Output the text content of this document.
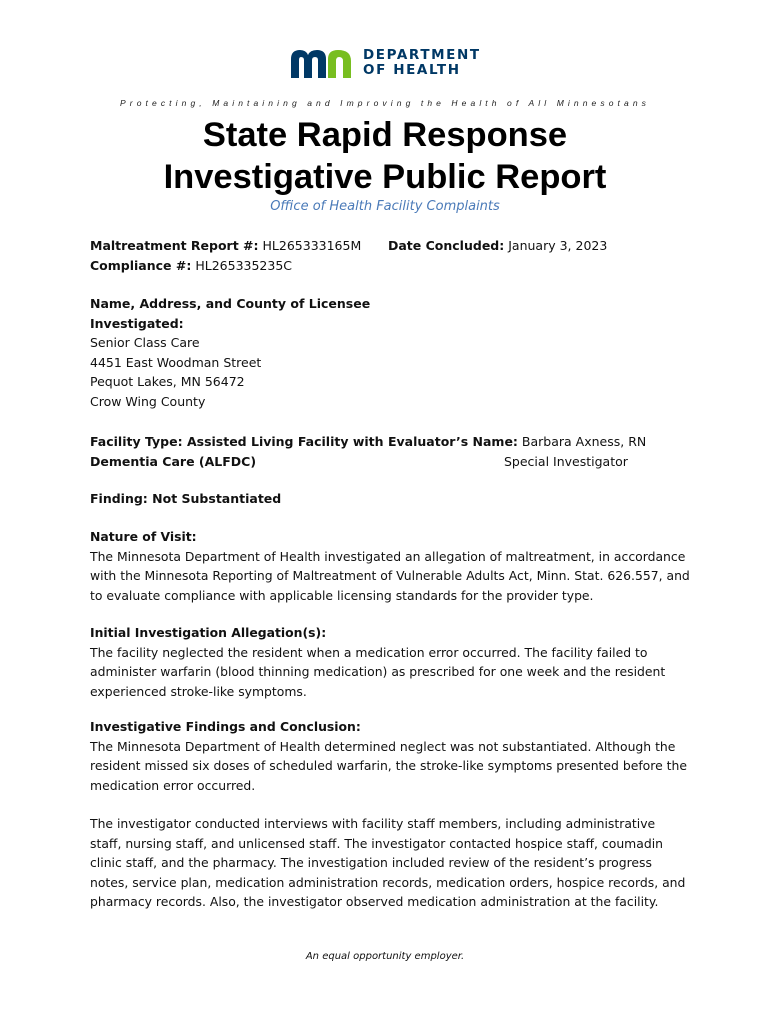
DEPARTMENT
OF HEALTH
Protecting, Maintaining and Improving the Health of All Minnesotans
State Rapid Response
Investigative Public Report
Office of Health Facility Complaints
Maltreatment Report #: HL265333165M
Compliance #: HL265335235C
Date Concluded: January 3, 2023
Name, Address, and County of Licensee
Investigated:
Senior Class Care
4451 East Woodman Street
Pequot Lakes, MN 56472
Crow Wing County
Facility Type: Assisted Living Facility with
Dementia Care (ALFDC)
Evaluator’s Name: Barbara Axness, RN
Special Investigator
Finding: Not Substantiated
Nature of Visit:
The Minnesota Department of Health investigated an allegation of maltreatment, in accordance with the Minnesota Reporting of Maltreatment of Vulnerable Adults Act, Minn. Stat. 626.557, and to evaluate compliance with applicable licensing standards for the provider type.
Initial Investigation Allegation(s):
The facility neglected the resident when a medication error occurred. The facility failed to administer warfarin (blood thinning medication) as prescribed for one week and the resident experienced stroke-like symptoms.
Investigative Findings and Conclusion:
The Minnesota Department of Health determined neglect was not substantiated. Although the resident missed six doses of scheduled warfarin, the stroke-like symptoms presented before the medication error occurred.
The investigator conducted interviews with facility staff members, including administrative staff, nursing staff, and unlicensed staff. The investigator contacted hospice staff, coumadin clinic staff, and the pharmacy. The investigation included review of the resident’s progress notes, service plan, medication administration records, medication orders, hospice records, and pharmacy records. Also, the investigator observed medication administration at the facility.
An equal opportunity employer.
